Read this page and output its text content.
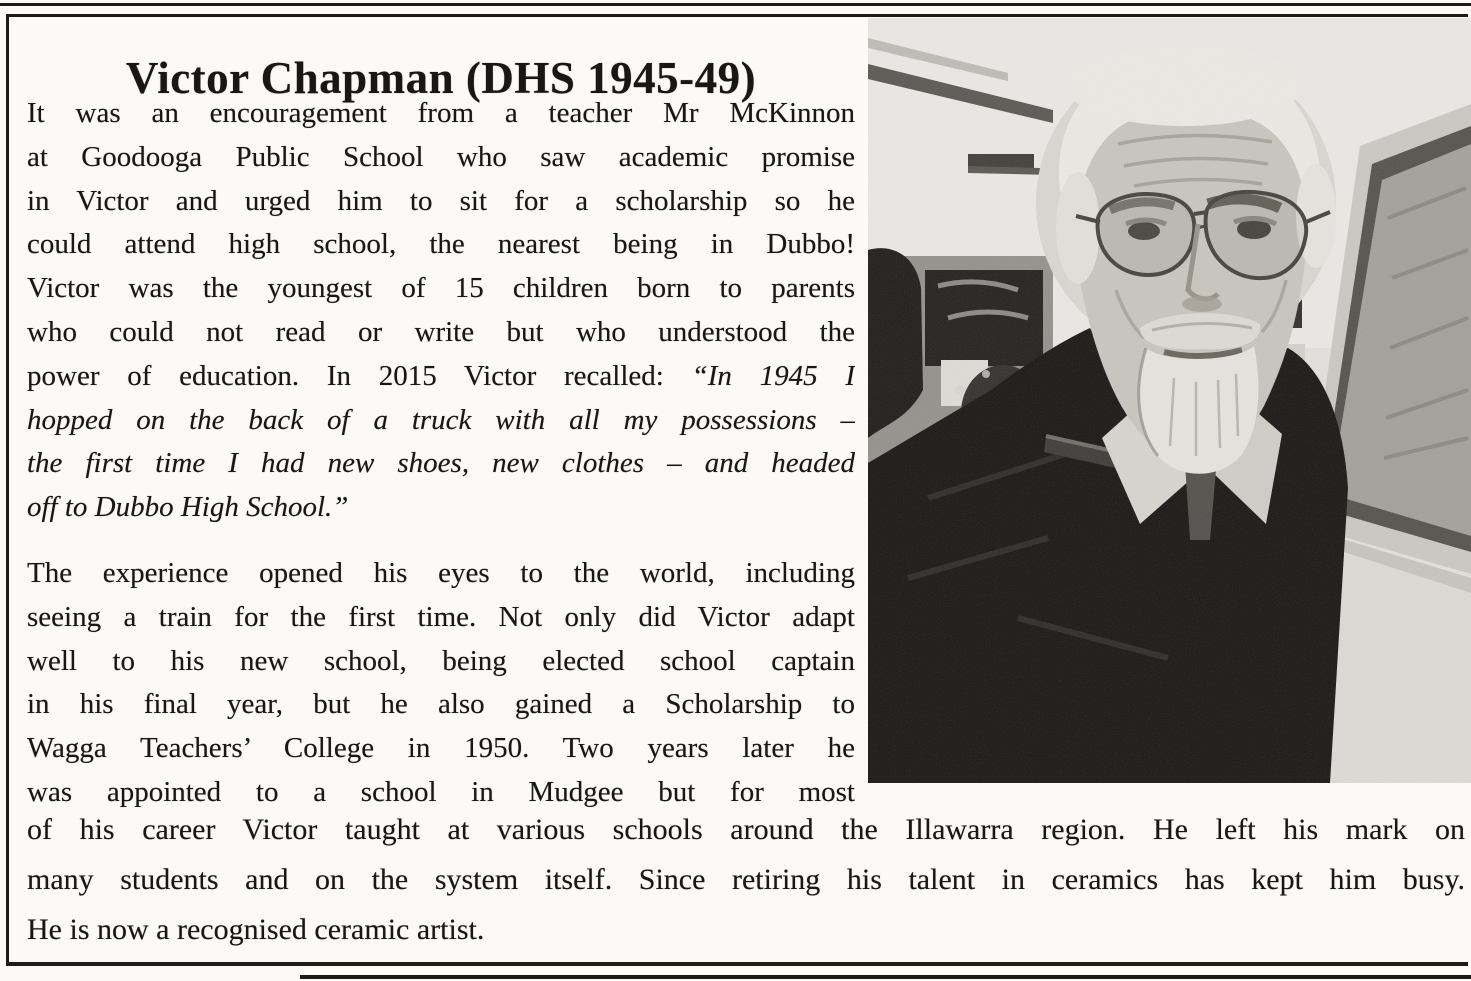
Victor Chapman (DHS 1945-49)
It was an encouragement from a teacher Mr McKinnon
at Goodooga Public School who saw academic promise
in Victor and urged him to sit for a scholarship so he
could attend high school, the nearest being in Dubbo!
Victor was the youngest of 15 children born to parents
who could not read or write but who understood the
power of education. In 2015 Victor recalled: “In 1945 I
hopped on the back of a truck with all my possessions –
the first time I had new shoes, new clothes – and headed
off to Dubbo High School.”
The experience opened his eyes to the world, including
seeing a train for the first time. Not only did Victor adapt
well to his new school, being elected school captain
in his final year, but he also gained a Scholarship to
Wagga Teachers’ College in 1950. Two years later he
was appointed to a school in Mudgee but for most
of his career Victor taught at various schools around the Illawarra region. He left his mark on
many students and on the system itself. Since retiring his talent in ceramics has kept him busy.
He is now a recognised ceramic artist.
